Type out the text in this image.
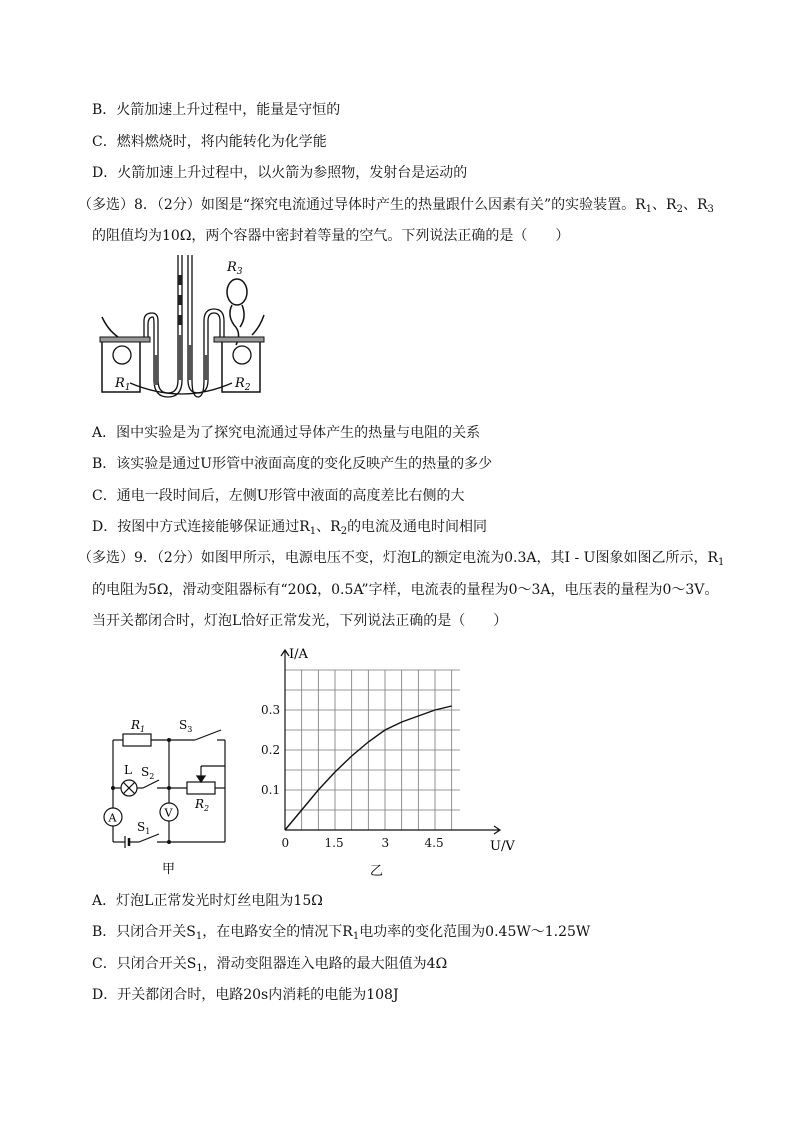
B．火箭加速上升过程中，能量是守恒的
C．燃料燃烧时，将内能转化为化学能
D．火箭加速上升过程中，以火箭为参照物，发射台是运动的
（多选）8．（2分）如图是“探究电流通过导体时产生的热量跟什么因素有关”的实验装置。$R_1$、$R_2$、$R_3$
的阻值均为10Ω，两个容器中密封着等量的空气。下列说法正确的是（　　）
$R_3$
$R_1$	$R_2$
A．图中实验是为了探究电流通过导体产生的热量与电阻的关系
B．该实验是通过U形管中液面高度的变化反映产生的热量的多少
C．通电一段时间后，左侧U形管中液面的高度差比右侧的大
D．按图中方式连接能够保证通过$R_1$、$R_2$的电流及通电时间相同
（多选）9．（2分）如图甲所示，电源电压不变，灯泡L的额定电流为0.3A，其I - U图象如图乙所示，$R_1$
的电阻为5Ω，滑动变阻器标有“20Ω，0.5A”字样，电流表的量程为0～3A，电压表的量程为0～3V。
当开关都闭合时，灯泡L恰好正常发光，下列说法正确的是（　　）
A	V
$R_1$	$S_3$
L $S_2$
$R_2$
$S_1$
甲
0	1.5	3	4.5
0.1
0.2
0.3
I/A
U/V
乙
A．灯泡L正常发光时灯丝电阻为15Ω
B．只闭合开关$S_1$，在电路安全的情况下$R_1$电功率的变化范围为0.45W～1.25W
C．只闭合开关$S_1$，滑动变阻器连入电路的最大阻值为4Ω
D．开关都闭合时，电路20s内消耗的电能为108J
